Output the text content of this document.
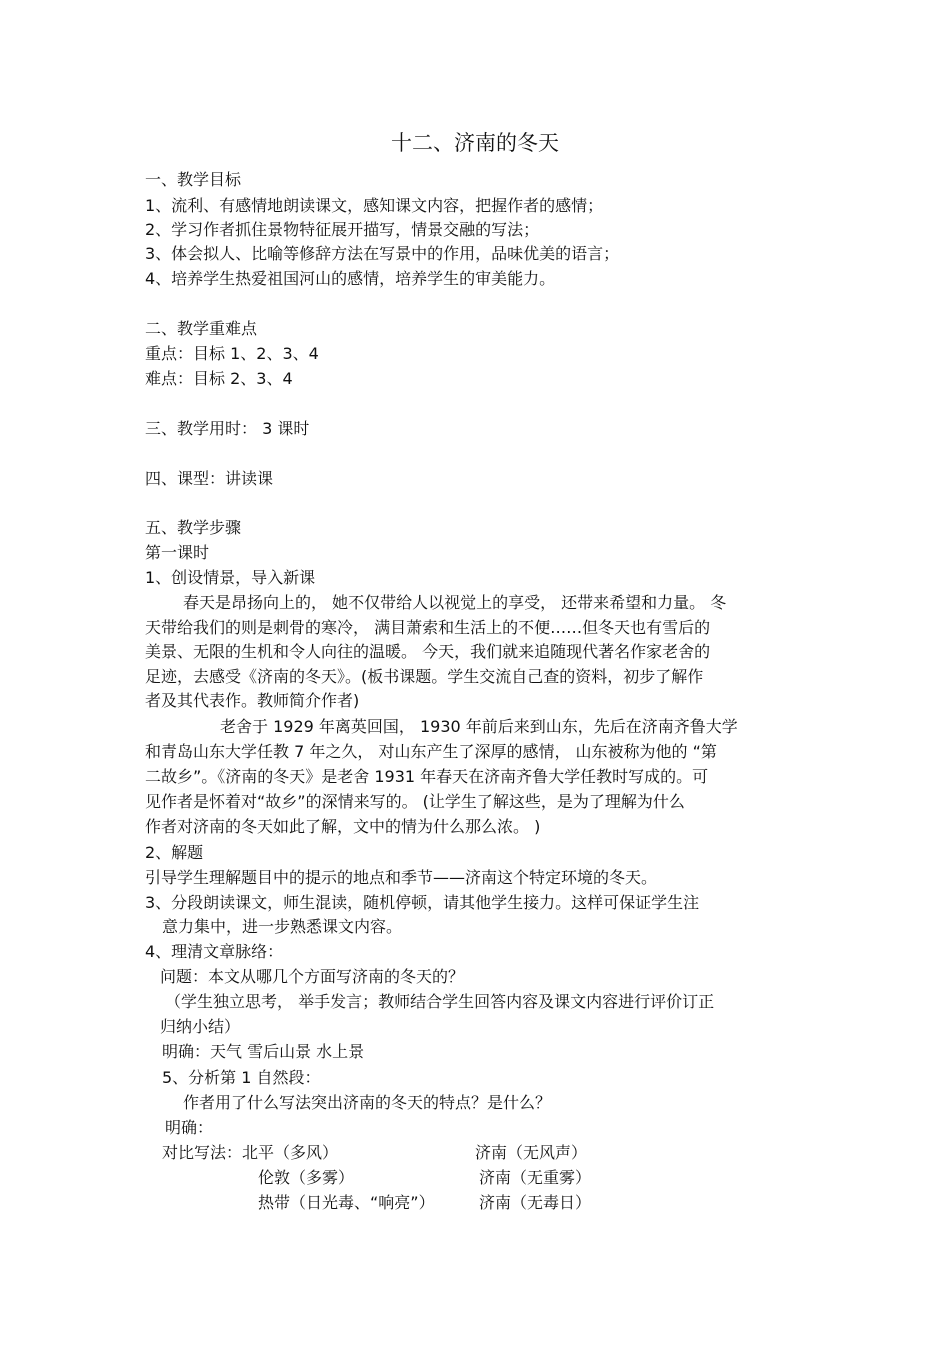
十二、济南的冬天
一、教学目标
1、流利、有感情地朗读课文，感知课文内容，把握作者的感情；
2、学习作者抓住景物特征展开描写，情景交融的写法；
3、体会拟人、比喻等修辞方法在写景中的作用，品味优美的语言；
4、培养学生热爱祖国河山的感情，培养学生的审美能力。
二、教学重难点
重点：目标 1、2、3、4
难点：目标 2、3、4
三、教学用时： 3 课时
四、课型：讲读课
五、教学步骤
第一课时
1、创设情景，导入新课
春天是昂扬向上的， 她不仅带给人以视觉上的享受， 还带来希望和力量。 冬
天带给我们的则是刺骨的寒冷， 满目萧索和生活上的不便……但冬天也有雪后的
美景、无限的生机和令人向往的温暖。 今天，我们就来追随现代著名作家老舍的
足迹，去感受《济南的冬天》。(板书课题。学生交流自己查的资料，初步了解作
者及其代表作。教师简介作者)
老舍于 1929 年离英回国， 1930 年前后来到山东，先后在济南齐鲁大学
和青岛山东大学任教 7 年之久， 对山东产生了深厚的感情， 山东被称为他的 “第
二故乡”。《济南的冬天》是老舍 1931 年春天在济南齐鲁大学任教时写成的。可
见作者是怀着对“故乡”的深情来写的。 (让学生了解这些，是为了理解为什么
作者对济南的冬天如此了解，文中的情为什么那么浓。 )
2、解题
引导学生理解题目中的提示的地点和季节——济南这个特定环境的冬天。
3、分段朗读课文，师生混读，随机停顿，请其他学生接力。这样可保证学生注
意力集中，进一步熟悉课文内容。
4、理清文章脉络：
问题：本文从哪几个方面写济南的冬天的？
（学生独立思考， 举手发言；教师结合学生回答内容及课文内容进行评价订正
归纳小结）
明确：天气 雪后山景 水上景
5、分析第 1 自然段：
作者用了什么写法突出济南的冬天的特点？是什么？
明确：
对比写法：北平（多风）	济南（无风声）
伦敦（多雾）	济南（无重雾）
热带（日光毒、“响亮”）	济南（无毒日）
